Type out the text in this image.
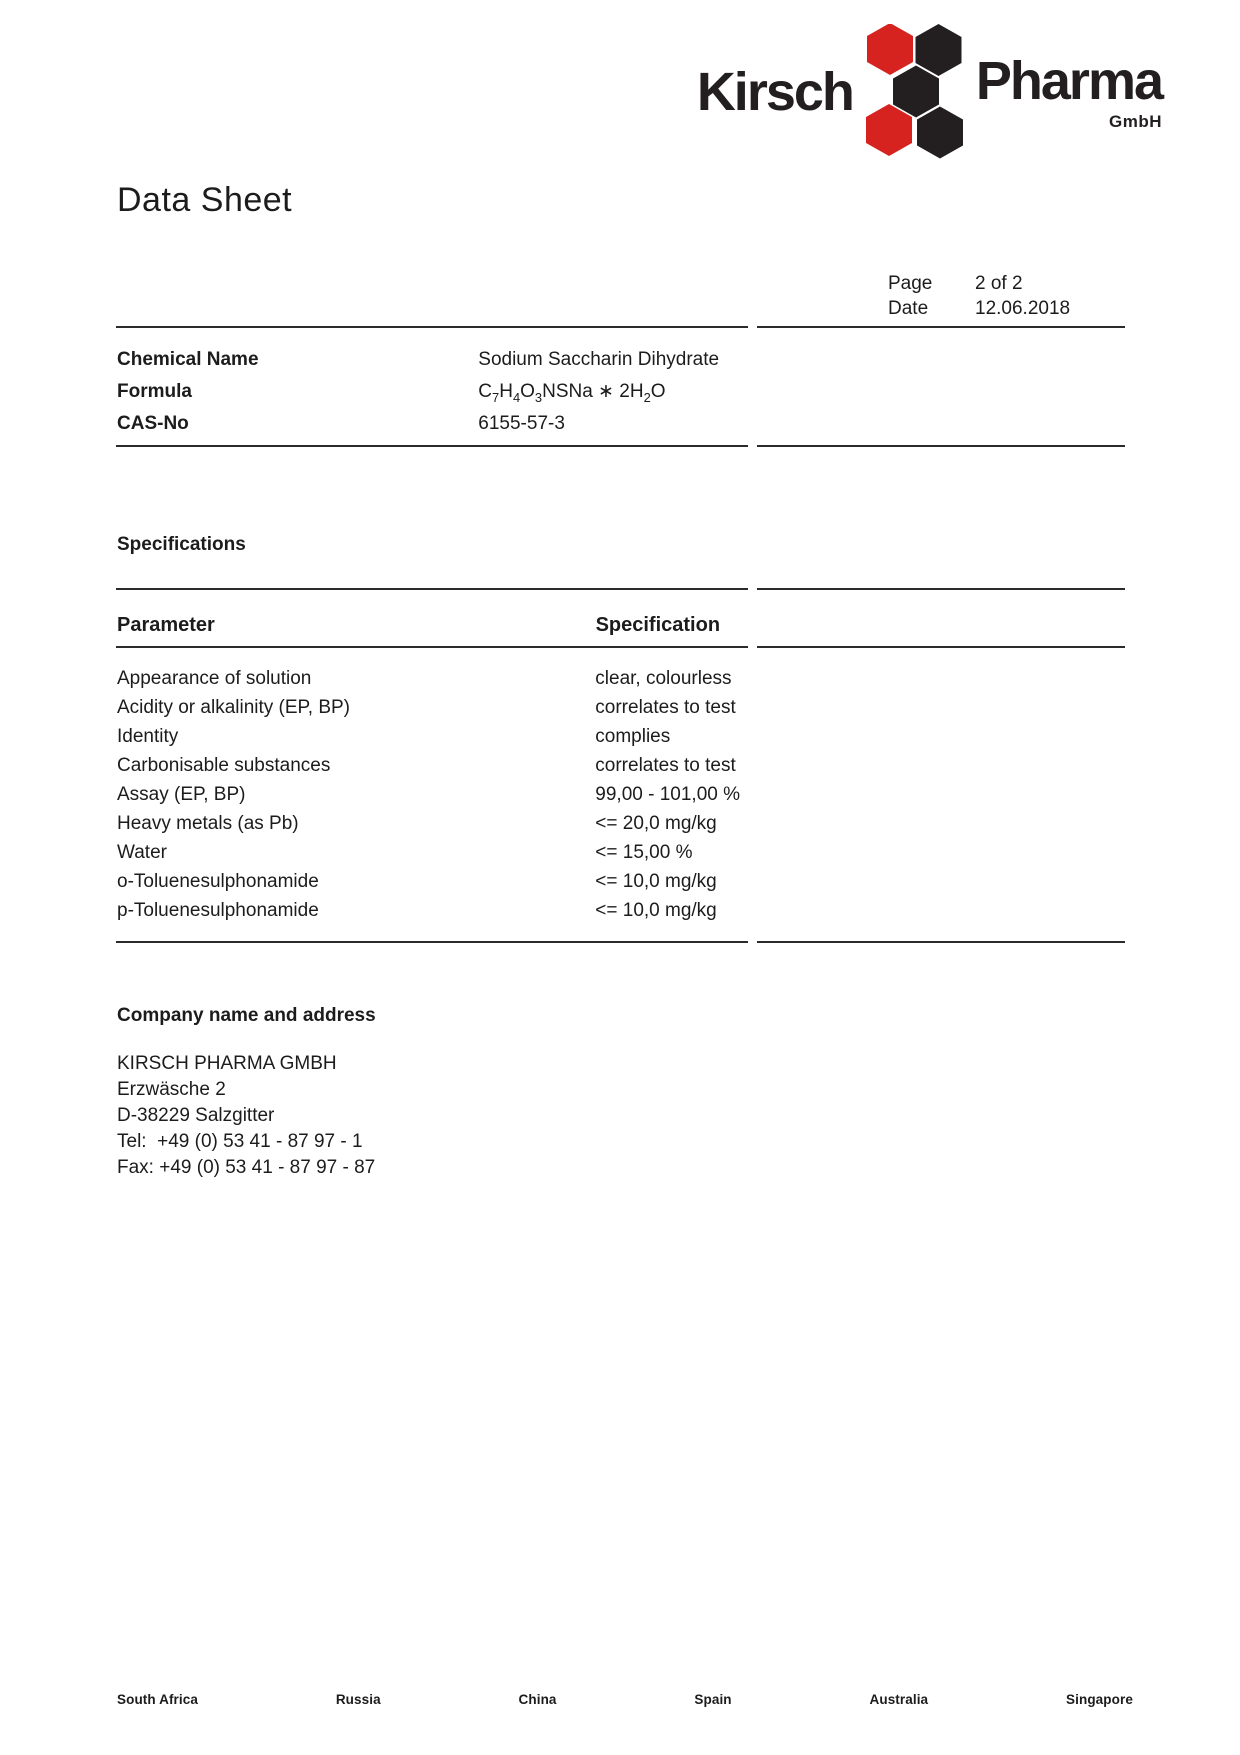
Kirsch Pharma
GmbH
Data Sheet
Page	2 of 2
Date	12.06.2018
Chemical Name	Sodium Saccharin Dihydrate
Formula	$C_7H_4O_3NSNa$ ∗ $2H_2O$
CAS-No	6155-57-3
Specifications
Parameter	Specification
Appearance of solution	clear, colourless
Acidity or alkalinity (EP, BP)	correlates to test
Identity	complies
Carbonisable substances	correlates to test
Assay (EP, BP)	99,00 - 101,00 %
Heavy metals (as Pb)	<= 20,0 mg/kg
Water	<= 15,00 %
o-Toluenesulphonamide	<= 10,0 mg/kg
p-Toluenesulphonamide	<= 10,0 mg/kg
Company name and address
KIRSCH PHARMA GMBH
Erzwäsche 2
D-38229 Salzgitter
Tel:  +49 (0) 53 41 - 87 97 - 1
Fax: +49 (0) 53 41 - 87 97 - 87
South Africa	Russia	China	Spain	Australia	Singapore
